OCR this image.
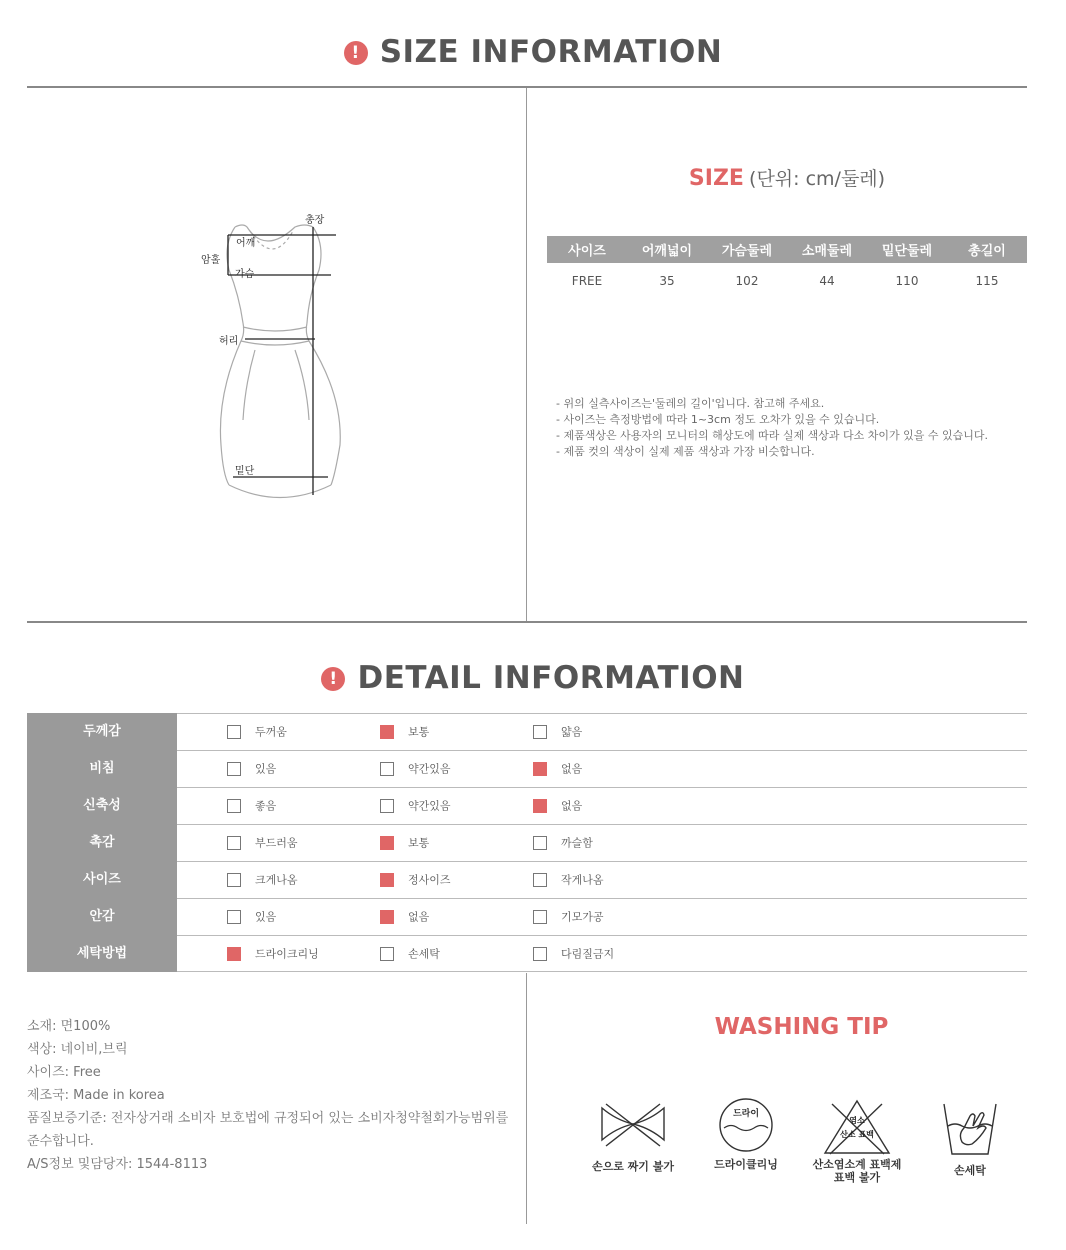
! SIZE INFORMATION
총장
어깨
암홀
가슴
허리
밑단
SIZE (단위: cm/둘레)
사이즈	어깨넓이	가슴둘레	소매둘레	밑단둘레	총길이
FREE	35	102	44	110	115
- 위의 실측사이즈는'둘레의 길이'입니다. 참고해 주세요.
- 사이즈는 측정방법에 따라 1~3cm 정도 오차가 있을 수 있습니다.
- 제품색상은 사용자의 모니터의 해상도에 따라 실제 색상과 다소 차이가 있을 수 있습니다.
- 제품 컷의 색상이 실제 제품 색상과 가장 비슷합니다.
! DETAIL INFORMATION
두께감	두꺼움	보통	얇음
비침	있음	약간있음	없음
신축성	좋음	약간있음	없음
촉감	부드러움	보통	까슬함
사이즈	크게나옴	정사이즈	작게나옴
안감	있음	없음	기모가공
세탁방법	드라이크리닝	손세탁	다림질금지
소재: 면100%
색상: 네이비,브릭
사이즈: Free
제조국: Made in korea
품질보증기준: 전자상거래 소비자 보호법에 규정되어 있는 소비자청약철회가능범위를
준수합니다.
A/S정보 및담당자: 1544-8113
WASHING TIP
손으로 짜기 불가
드라이
드라이클리닝
염소
산소 표백
산소염소계 표백제
표백 불가
손세탁
